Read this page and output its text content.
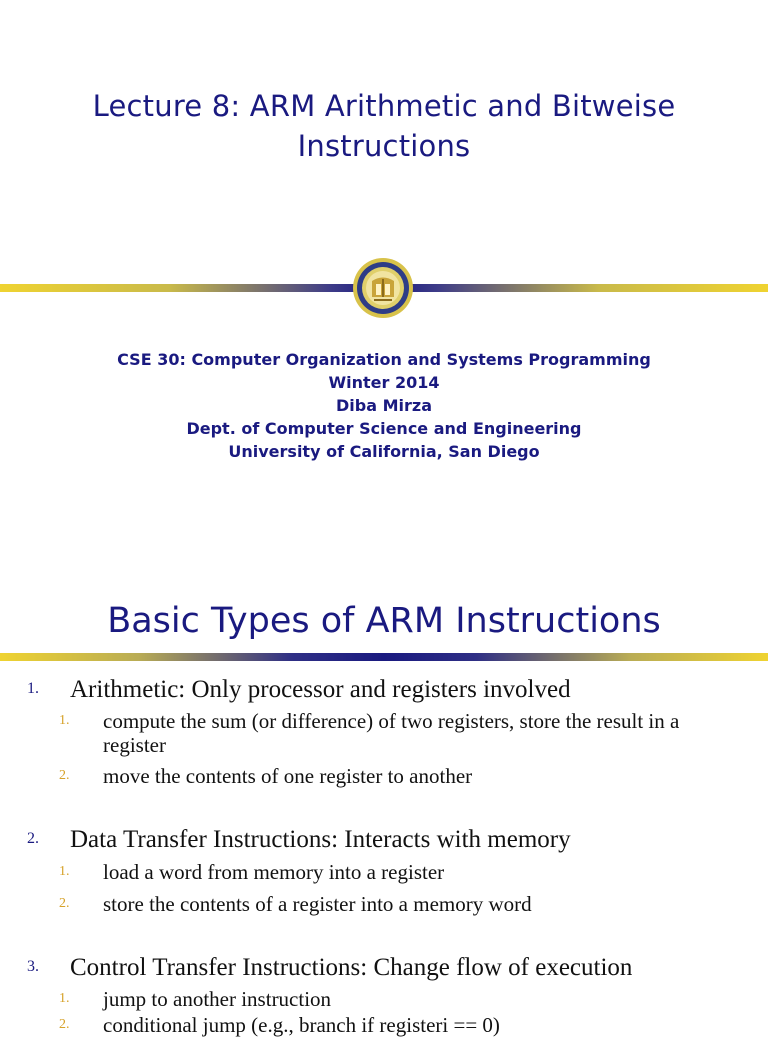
Lecture 8: ARM Arithmetic and Bitweise
Instructions
CSE 30: Computer Organization and Systems Programming
Winter 2014
Diba Mirza
Dept. of Computer Science and Engineering
University of California, San Diego
Basic Types of ARM Instructions
1. Arithmetic: Only processor and registers involved
1. compute the sum (or difference) of two registers, store the result in a register
2. move the contents of one register to another
2. Data Transfer Instructions: Interacts with memory
1. load a word from memory into a register
2. store the contents of a register into a memory word
3. Control Transfer Instructions: Change flow of execution
1. jump to another instruction
2. conditional jump (e.g., branch if registeri == 0)
